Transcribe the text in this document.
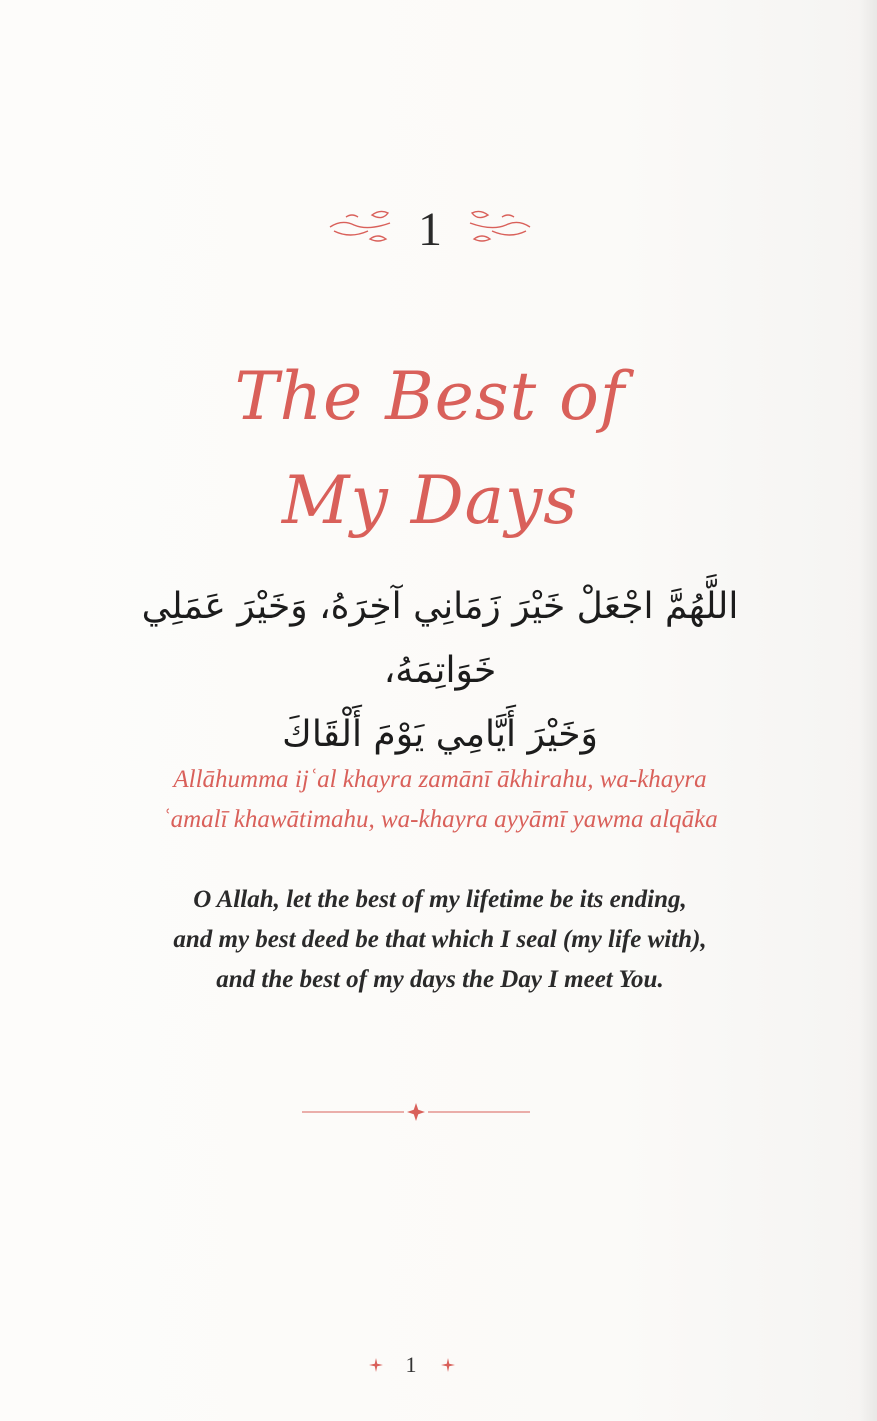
1
The Best of
My Days
اللَّهُمَّ اجْعَلْ خَيْرَ زَمَانِي آخِرَهُ، وَخَيْرَ عَمَلِي خَوَاتِمَهُ،
وَخَيْرَ أَيَّامِي يَوْمَ أَلْقَاكَ
Allāhumma ijʿal khayra zamānī ākhirahu, wa-khayra
ʿamalī khawātimahu, wa-khayra ayyāmī yawma alqāka
O Allah, let the best of my lifetime be its ending,
and my best deed be that which I seal (my life with),
and the best of my days the Day I meet You.
1
